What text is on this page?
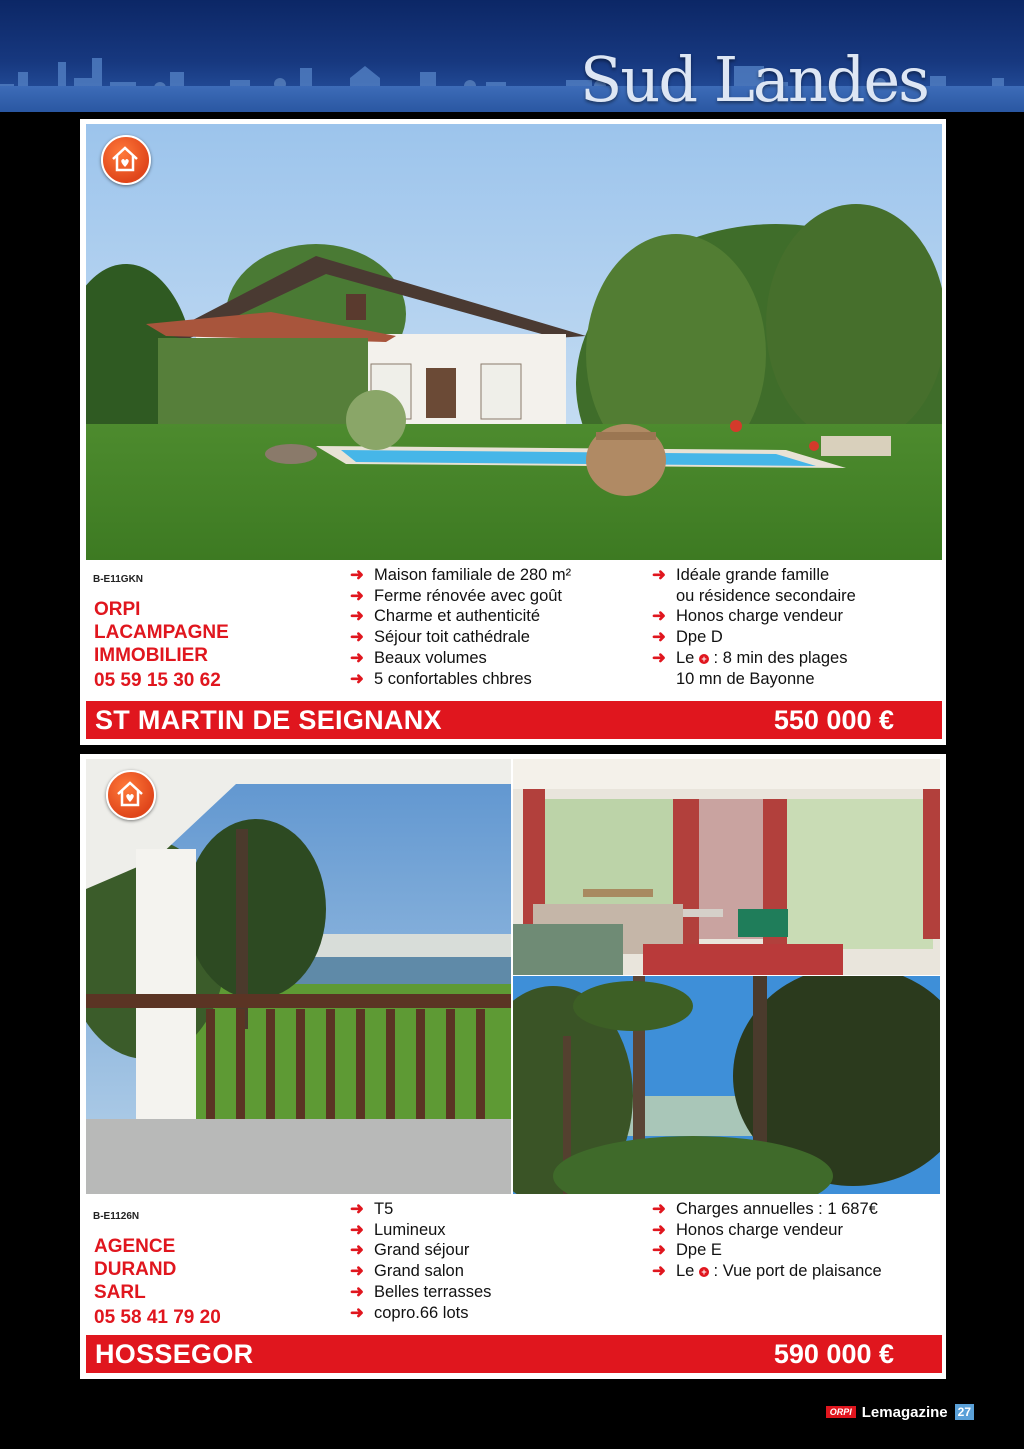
Sud Landes
B-E11GKN
ORPI
LACAMPAGNE
IMMOBILIER
05 59 15 30 62
➜ Maison familiale de 280 m²
➜ Ferme rénovée avec goût
➜ Charme et authenticité
➜ Séjour toit cathédrale
➜ Beaux volumes
➜ 5 confortables chbres
➜ Idéale grande famille
ou résidence secondaire
➜ Honos charge vendeur
➜ Dpe D
➜ Le + : 8 min des plages
10 mn de Bayonne
ST MARTIN DE SEIGNANX	550 000 €
B-E1126N
AGENCE
DURAND
SARL
05 58 41 79 20
➜ T5
➜ Lumineux
➜ Grand séjour
➜ Grand salon
➜ Belles terrasses
➜ copro.66 lots
➜ Charges annuelles : 1 687€
➜ Honos charge vendeur
➜ Dpe E
➜ Le + : Vue port de plaisance
HOSSEGOR	590 000 €
ORPI Lemagazine 27
